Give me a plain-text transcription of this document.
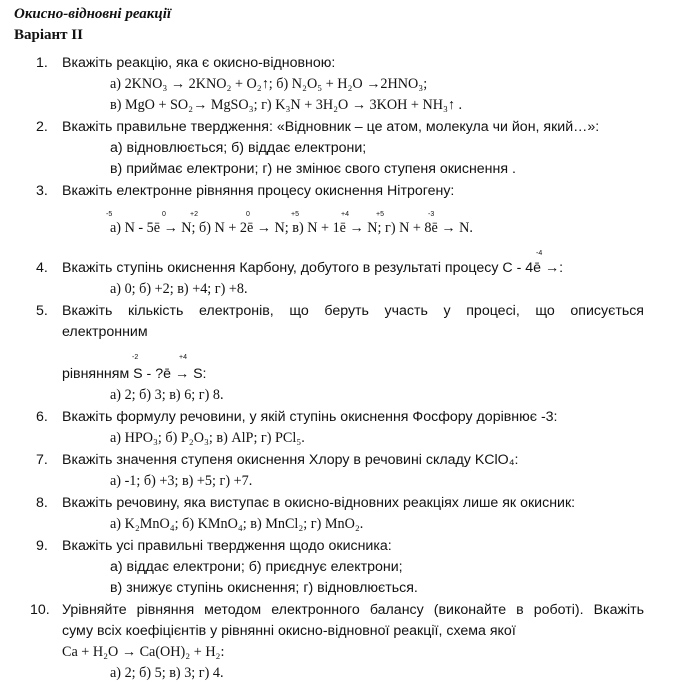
Окисно-відновні реакції
Варіант ІІ
1. Вкажіть реакцію, яка є окисно-відновною:
а) 2KNO₃ → 2KNO₂ + O₂↑; б) N₂O₅ + H₂O →2HNO₃;
в) MgO + SO₂→ MgSO₃; г) K₃N + 3H₂O → 3KOH + NH₃↑ .
2. Вкажіть правильне твердження: «Відновник – це атом, молекула чи йон, який…»:
а) відновлюється; б) віддає електрони;
в) приймає електрони; г) не змінює свого ступеня окиснення .
3. Вкажіть електронне рівняння процесу окиснення Нітрогену:
-5	0	+2	0	+5	+4	+5	-3
а) N - 5ē → N; б) N + 2ē → N; в) N + 1ē → N; г) N + 8ē → N.
-4
4. Вкажіть ступінь окиснення Карбону, добутого в результаті процесу C - 4ē →:
а) 0; б) +2; в) +4; г) +8.
5. Вкажіть кількість електронів, що беруть участь у процесі, що описується
електронним
-2	+4
рівнянням S - ?ē → S:
а) 2; б) 3; в) 6; г) 8.
6. Вкажіть формулу речовини, у якій ступінь окиснення Фосфору дорівнює -3:
а) HPO₃; б) P₂O₃; в) AlP; г) PCl₅.
7. Вкажіть значення ступеня окиснення Хлору в речовині складу KClO₄:
а) -1; б) +3; в) +5; г) +7.
8. Вкажіть речовину, яка виступає в окисно-відновних реакціях лише як окисник:
а) K₂MnO₄; б) KMnO₄; в) MnCl₂; г) MnO₂.
9. Вкажіть усі правильні твердження щодо окисника:
а) віддає електрони; б) приєднує електрони;
в) знижує ступінь окиснення; г) відновлюється.
10. Урівняйте рівняння методом електронного балансу (виконайте в роботі). Вкажіть
суму всіх коефіцієнтів у рівнянні окисно-відновної реакції, схема якої
Ca + H₂O → Ca(OH)₂ + H₂:
а) 2; б) 5; в) 3; г) 4.
